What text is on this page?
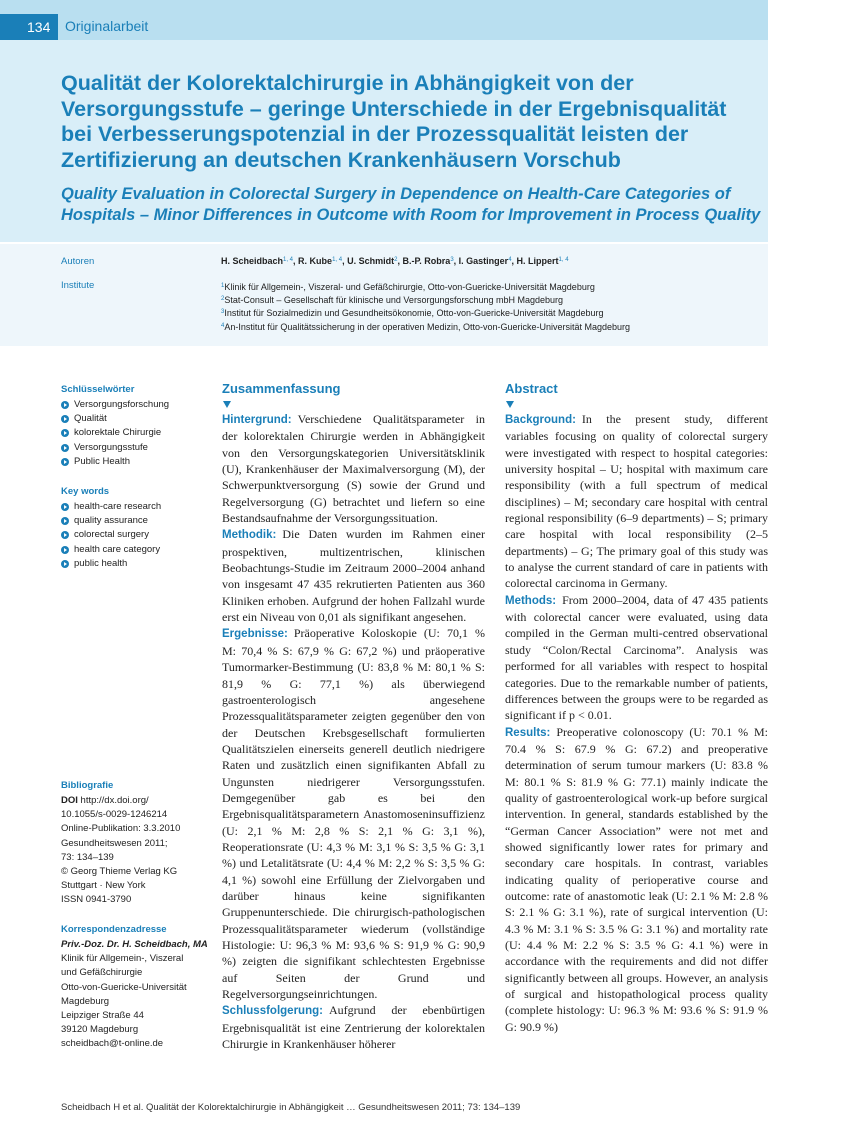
134	Originalarbeit
Qualität der Kolorektalchirurgie in Abhängigkeit von der Versorgungsstufe – geringe Unterschiede in der Ergebnisqualität bei Verbesserungspotenzial in der Prozessqualität leisten der Zertifizierung an deutschen Krankenhäusern Vorschub
Quality Evaluation in Colorectal Surgery in Dependence on Health-Care Categories of Hospitals – Minor Differences in Outcome with Room for Improvement in Process Quality
Autoren	H. Scheidbach$^{1, 4}$, R. Kube$^{1, 4}$, U. Schmidt$^2$, B.-P. Robra$^3$, I. Gastinger$^4$, H. Lippert$^{1, 4}$
Institute	$^1$Klinik für Allgemein-, Viszeral- und Gefäßchirurgie, Otto-von-Guericke-Universität Magdeburg
$^2$Stat-Consult – Gesellschaft für klinische und Versorgungsforschung mbH Magdeburg
$^3$Institut für Sozialmedizin und Gesundheitsökonomie, Otto-von-Guericke-Universität Magdeburg
$^4$An-Institut für Qualitätssicherung in der operativen Medizin, Otto-von-Guericke-Universität Magdeburg
Schlüsselwörter
Versorgungsforschung
Qualität
kolorektale Chirurgie
Versorgungsstufe
Public Health
Key words
health-care research
quality assurance
colorectal surgery
health care category
public health
Bibliografie
DOI http://dx.doi.org/
10.1055/s-0029-1246214
Online-Publikation: 3.3.2010
Gesundheitswesen 2011;
73: 134–139
© Georg Thieme Verlag KG
Stuttgart · New York
ISSN 0941-3790
Korrespondenzadresse
Priv.-Doz. Dr. H. Scheidbach, MA
Klinik für Allgemein-, Viszeral
und Gefäßchirurgie
Otto-von-Guericke-Universität
Magdeburg
Leipziger Straße 44
39120 Magdeburg
scheidbach@t-online.de
Zusammenfassung

Hintergrund:  Verschiedene Qualitätsparameter in der kolorektalen Chirurgie werden in Abhängigkeit von den Versorgungskategorien Universitätsklinik (U), Krankenhäuser der Maximalversorgung (M), der Schwerpunktversorgung (S) sowie der Grund und Regelversorgung (G) betrachtet und liefern so eine Bestandsaufnahme der Versorgungssituation.

Methodik:  Die Daten wurden im Rahmen einer prospektiven, multizentrischen, klinischen Beobachtungs-Studie im Zeitraum 2000–2004 anhand von insgesamt 47 435 rekrutierten Patienten aus 360 Kliniken erhoben. Aufgrund der hohen Fallzahl wurde erst ein Niveau von 0,01 als signifikant angesehen.

Ergebnisse:  Präoperative Koloskopie (U: 70,1 % M: 70,4 % S: 67,9 % G: 67,2 %) und präoperative Tumormarker-Bestimmung (U: 83,8 % M: 80,1 % S: 81,9 % G: 77,1 %) als überwiegend gastroenterologisch angesehene Prozessqualitätsparameter zeigten gegenüber den von der Deutschen Krebsgesellschaft formulierten Qualitätszielen einerseits generell deutlich niedrigere Raten und zusätzlich einen signifikanten Abfall zu Ungunsten niedrigerer Versorgungsstufen. Demgegenüber gab es bei den Ergebnisqualitätsparametern Anastomoseninsuffizienz (U: 2,1 % M: 2,8 % S: 2,1 % G: 3,1 %), Reoperationsrate (U: 4,3 % M: 3,1 % S: 3,5 % G: 3,1 %) und Letalitätsrate (U: 4,4 % M: 2,2 % S: 3,5 % G: 4,1 %) sowohl eine Erfüllung der Zielvorgaben und darüber hinaus keine signifikanten Gruppenunterschiede. Die chirurgisch-pathologischen Prozessqualitätsparameter wiederum (vollständige Histologie: U: 96,3 % M: 93,6 % S: 91,9 % G: 90,9 %) zeigten die signifikant schlechtesten Ergebnisse auf Seiten der Grund und Regelversorgungseinrichtungen.

Schlussfolgerung:  Aufgrund der ebenbürtigen Ergebnisqualität ist eine Zentrierung der kolorektalen Chirurgie in Krankenhäuser höherer

Abstract

Background:  In the present study, different variables focusing on quality of colorectal surgery were investigated with respect to hospital categories: university hospital – U; hospital with maximum care responsibility (with a full spectrum of medical disciplines) – M; secondary care hospital with central regional responsibility (6–9 departments) – S; primary care hospital with local responsibility (2–5 departments) – G; The primary goal of this study was to analyse the current standard of care in patients with colorectal carcinoma in Germany.

Methods:  From 2000–2004, data of 47 435 patients with colorectal cancer were evaluated, using data compiled in the German multi-centred observational study “Colon/Rectal Carcinoma”. Analysis was performed for all variables with respect to hospital categories. Due to the remarkable number of patients, differences between the groups were to be regarded as significant if p < 0.01.

Results:  Preoperative colonoscopy (U: 70.1 % M: 70.4 % S: 67.9 % G: 67.2) and preoperative determination of serum tumour markers (U: 83.8 % M: 80.1 % S: 81.9 % G: 77.1) mainly indicate the quality of gastroenterological work-up before surgical intervention. In general, standards established by the “German Cancer Association” were not met and showed significantly lower rates for primary and secondary care hospitals. In contrast, variables indicating quality of perioperative course and outcome: rate of anastomotic leak (U: 2.1 % M: 2.8 % S: 2.1 % G: 3.1 %), rate of surgical intervention (U: 4.3 % M: 3.1 % S: 3.5 % G: 3.1 %) and mortality rate (U: 4.4 % M: 2.2 % S: 3.5 % G: 4.1 %) were in accordance with the requirements and did not differ significantly between all groups. However, an analysis of surgical and histopathological process quality (complete histology: U: 96.3 % M: 93.6 % S: 91.9 % G: 90.9 %)

Scheidbach H et al. Qualität der Kolorektalchirurgie in Abhängigkeit … Gesundheitswesen 2011; 73: 134–139
